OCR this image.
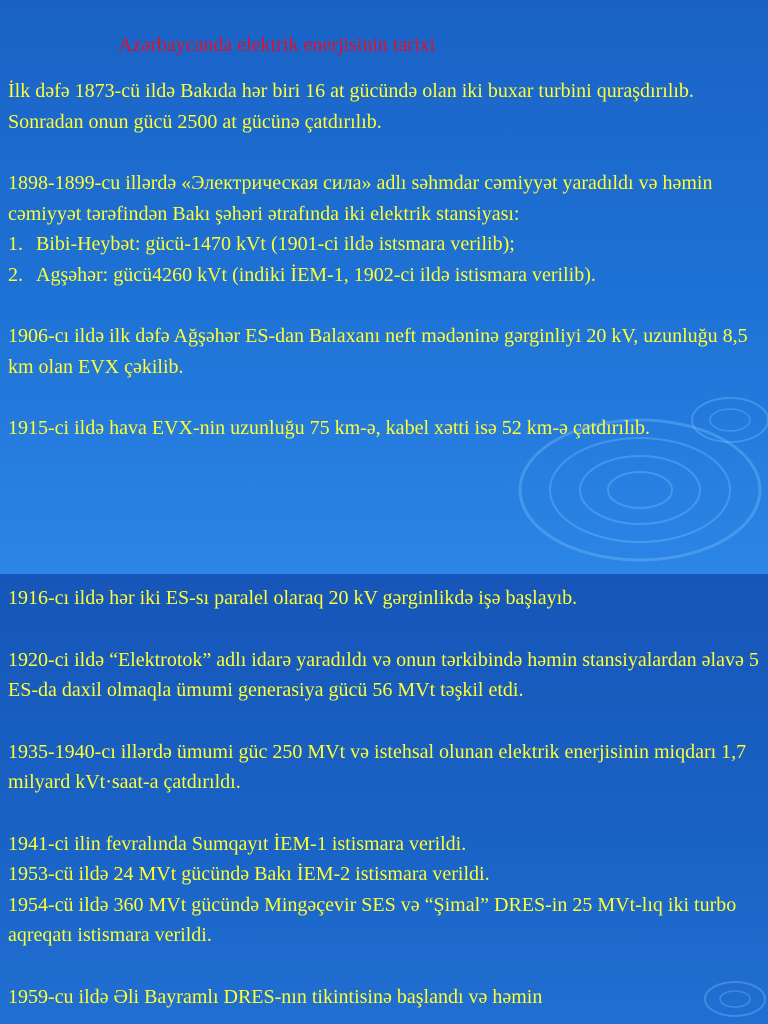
Azərbaycanda elektrik enerjisinin tarixi

İlk dəfə 1873-cü ildə Bakıda hər biri 16 at gücündə olan iki buxar turbini quraşdırılıb. Sonradan onun gücü 2500 at gücünə çatdırılıb.

1898-1899-cu illərdə «Электрическая сила» adlı səhmdar cəmiyyət yaradıldı və həmin cəmiyyət tərəfindən Bakı şəhəri ətrafında iki elektrik stansiyası:

1. Bibi-Heybət: gücü-1470 kVt (1901-ci ildə istsmara verilib);
2. Agşəhər: gücü4260 kVt (indiki İEM-1, 1902-ci ildə istismara verilib).

1906-cı ildə ilk dəfə Ağşəhər ES-dan Balaxanı neft mədəninə gərginliyi 20 kV, uzunluğu 8,5 km olan EVX çəkilib.

1915-ci ildə hava EVX-nin uzunluğu 75 km-ə, kabel xətti isə 52 km-ə çatdırılıb.

1916-cı ildə hər iki ES-sı paralel olaraq 20 kV gərginlikdə işə başlayıb.

1920-ci ildə “Elektrotok” adlı idarə yaradıldı və onun tərkibində həmin stansiyalardan əlavə 5 ES-da daxil olmaqla ümumi generasiya gücü 56 MVt təşkil etdi.

1935-1940-cı illərdə ümumi güc 250 MVt və istehsal olunan elektrik enerjisinin miqdarı 1,7 milyard kVt·saat-a çatdırıldı.

1941-ci ilin fevralında Sumqayıt İEM-1 istismara verildi.

1953-cü ildə 24 MVt gücündə Bakı İEM-2 istismara verildi.

1954-cü ildə 360 MVt gücündə Mingəçevir SES və “Şimal” DRES-in 25 MVt-lıq iki turbo aqreqatı istismara verildi.

1959-cu ildə Əli Bayramlı DRES-nın tikintisinə başlandı və həmin
